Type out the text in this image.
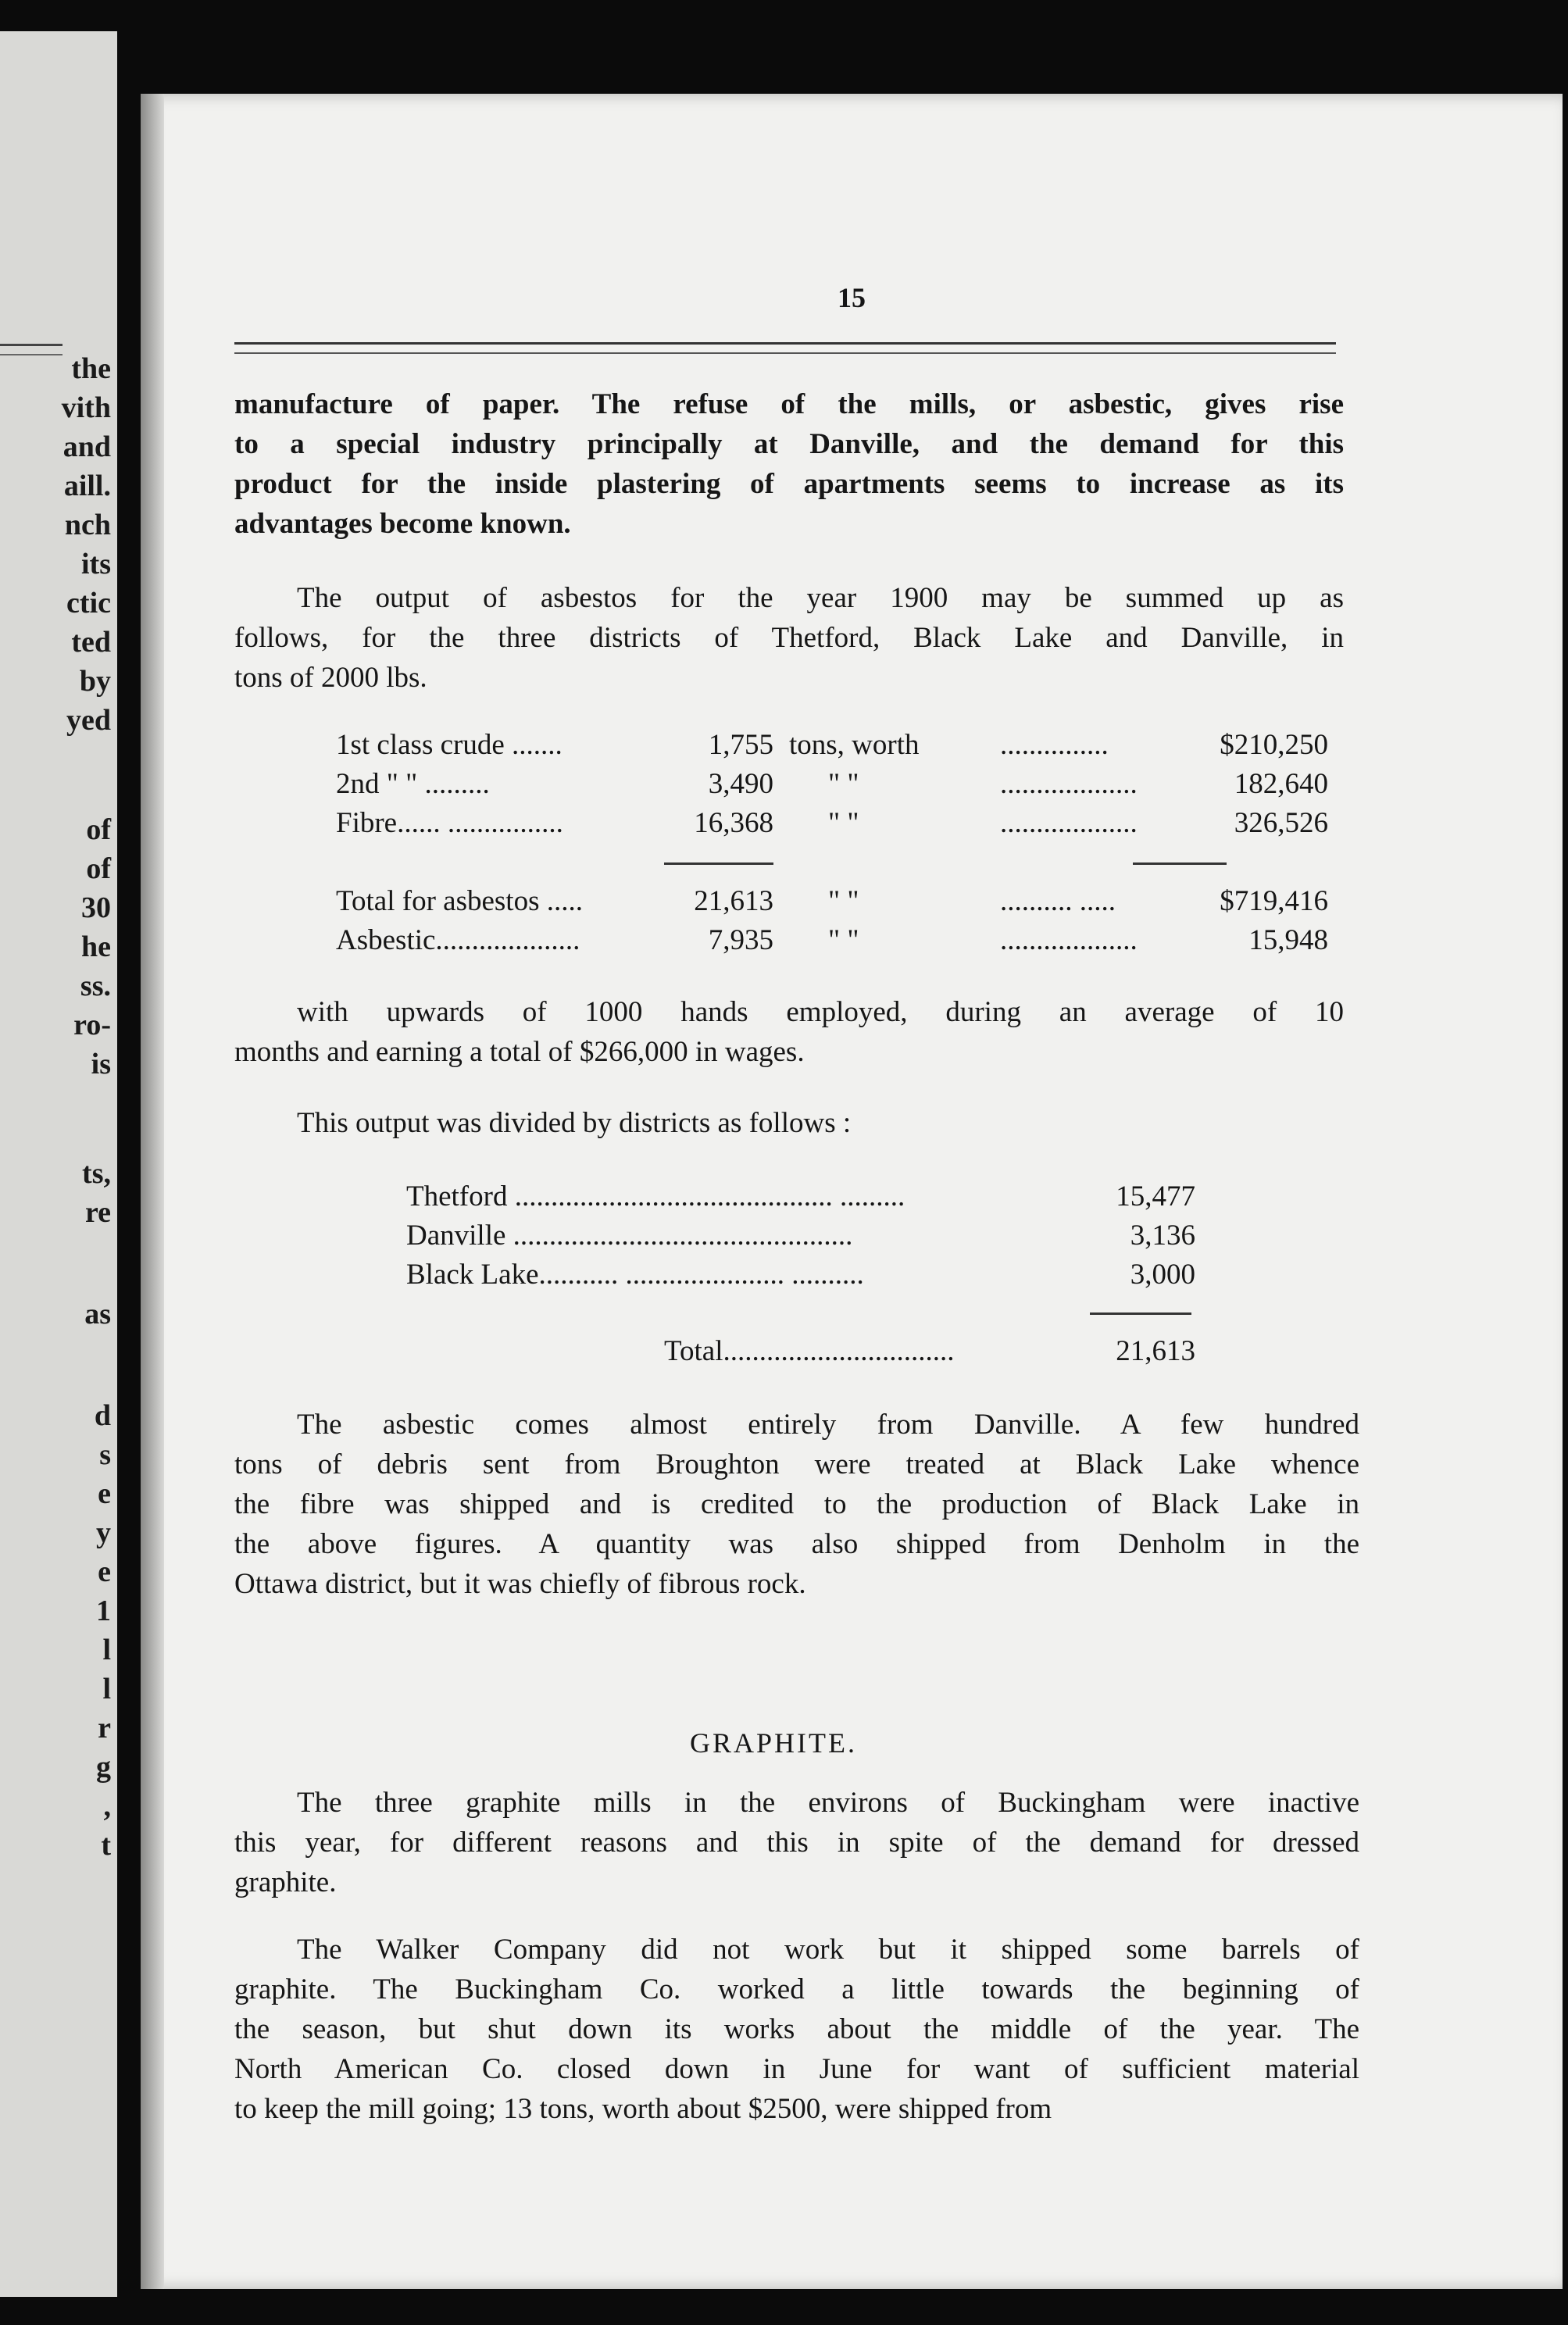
the
vith
and
aill.
nch
its
ctic
ted
by
yed
of
of
30
he
ss.
ro-
is
ts,
re
as
d
s
e
y
e
1
l
l
r
g
,
t
15
manufacture of paper. The refuse of the mills, or asbestic, gives rise
to a special industry principally at Danville, and the demand for this
product for the inside plastering of apartments seems to increase as its
advantages become known.
The output of asbestos for the year 1900 may be summed up as
follows, for the three districts of Thetford, Black Lake and Danville, in
tons of 2000 lbs.
1st class crude .......	1,755 tons, worth	...............	$210,250
2nd " " .........	3,490 " "	...................	182,640
Fibre...... ................	16,368 " "	...................	326,526
Total for asbestos .....	21,613 " "	.......... .....	$719,416
Asbestic....................	7,935 " "	...................	15,948
with upwards of 1000 hands employed, during an average of 10
months and earning a total of $266,000 in wages.
This output was divided by districts as follows :
Thetford ............................................ .........	15,477
Danville ...............................................	3,136
Black Lake........... ...................... ..........	3,000
Total................................	21,613
The asbestic comes almost entirely from Danville. A few hundred
tons of debris sent from Broughton were treated at Black Lake whence
the fibre was shipped and is credited to the production of Black Lake in
the above figures. A quantity was also shipped from Denholm in the
Ottawa district, but it was chiefly of fibrous rock.
GRAPHITE.
The three graphite mills in the environs of Buckingham were inactive
this year, for different reasons and this in spite of the demand for dressed
graphite.
The Walker Company did not work but it shipped some barrels of
graphite. The Buckingham Co. worked a little towards the beginning of
the season, but shut down its works about the middle of the year. The
North American Co. closed down in June for want of sufficient material
to keep the mill going; 13 tons, worth about $2500, were shipped from
